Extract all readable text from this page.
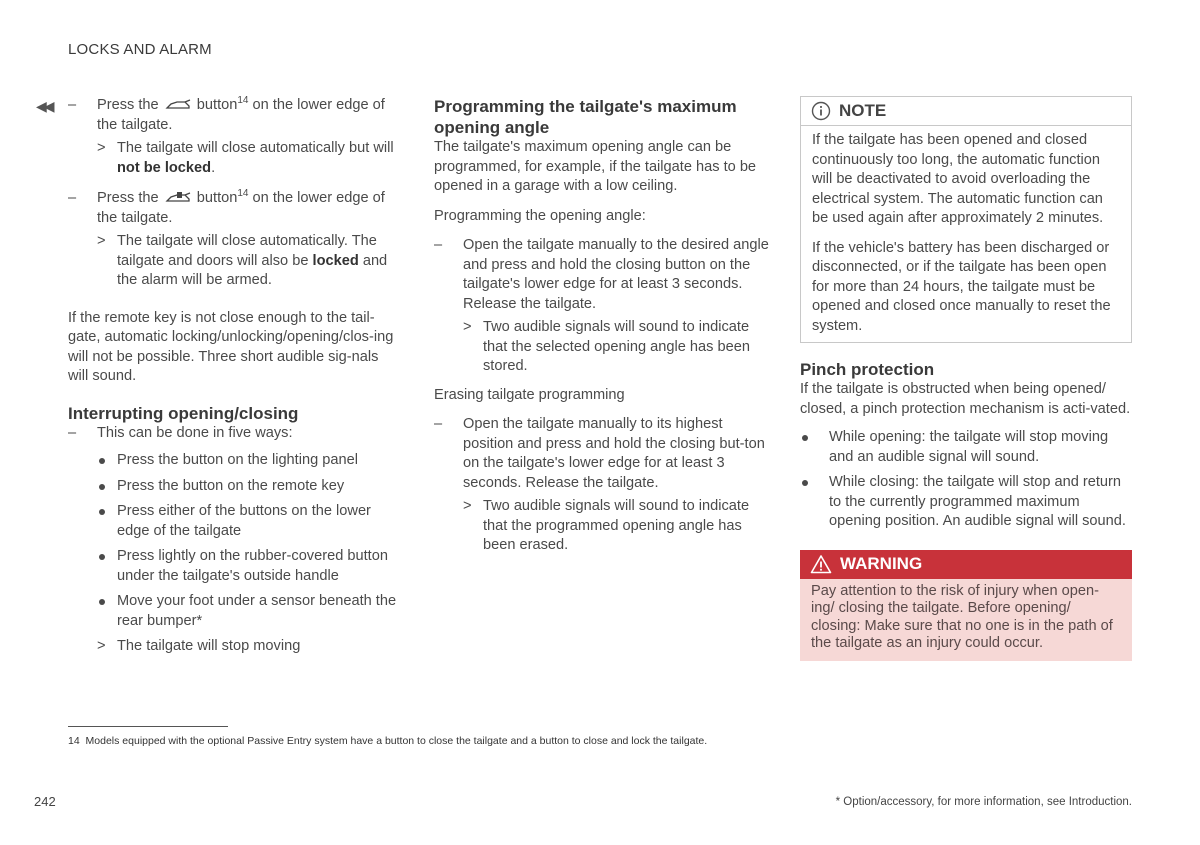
LOCKS AND ALARM
◀◀
–	Press the	button$^{14}$ on the lower edge of the tailgate.
> The tailgate will close automatically but will not be locked.
– Press the	button$^{14}$ on the lower edge of the tailgate.
> The tailgate will close automatically. The tailgate and doors will also be locked and the alarm will be armed.

If the remote key is not close enough to the tail-gate, automatic locking/unlocking/opening/clos-ing will not be possible. Three short audible sig-nals will sound.

Interrupting opening/closing
– This can be done in five ways:
Press the button on the lighting panel
Press the button on the remote key
Press either of the buttons on the lower edge of the tailgate
Press lightly on the rubber-covered button under the tailgate's outside handle
Move your foot under a sensor beneath the rear bumper*
> The tailgate will stop moving
Programming the tailgate's maximum opening angle

The tailgate's maximum opening angle can be programmed, for example, if the tailgate has to be opened in a garage with a low ceiling.

Programming the opening angle:

– Open the tailgate manually to the desired angle and press and hold the closing button on the tailgate's lower edge for at least 3 seconds. Release the tailgate.
> Two audible signals will sound to indicate that the selected opening angle has been stored.

Erasing tailgate programming

– Open the tailgate manually to its highest position and press and hold the closing but-ton on the tailgate's lower edge for at least 3 seconds. Release the tailgate.
> Two audible signals will sound to indicate that the programmed opening angle has been erased.
NOTE

If the tailgate has been opened and closed continuously too long, the automatic function will be deactivated to avoid overloading the electrical system. The automatic function can be used again after approximately 2 minutes.

If the vehicle's battery has been discharged or disconnected, or if the tailgate has been open for more than 24 hours, the tailgate must be opened and closed once manually to reset the system.

Pinch protection

If the tailgate is obstructed when being opened/ closed, a pinch protection mechanism is acti-vated.

While opening: the tailgate will stop moving and an audible signal will sound.
While closing: the tailgate will stop and return to the currently programmed maximum opening position. An audible signal will sound.
WARNING
Pay attention to the risk of injury when open-ing/ closing the tailgate. Before opening/ closing: Make sure that no one is in the path of the tailgate as an injury could occur.
14 Models equipped with the optional Passive Entry system have a button to close the tailgate and a button to close and lock the tailgate.
242	* Option/accessory, for more information, see Introduction.
